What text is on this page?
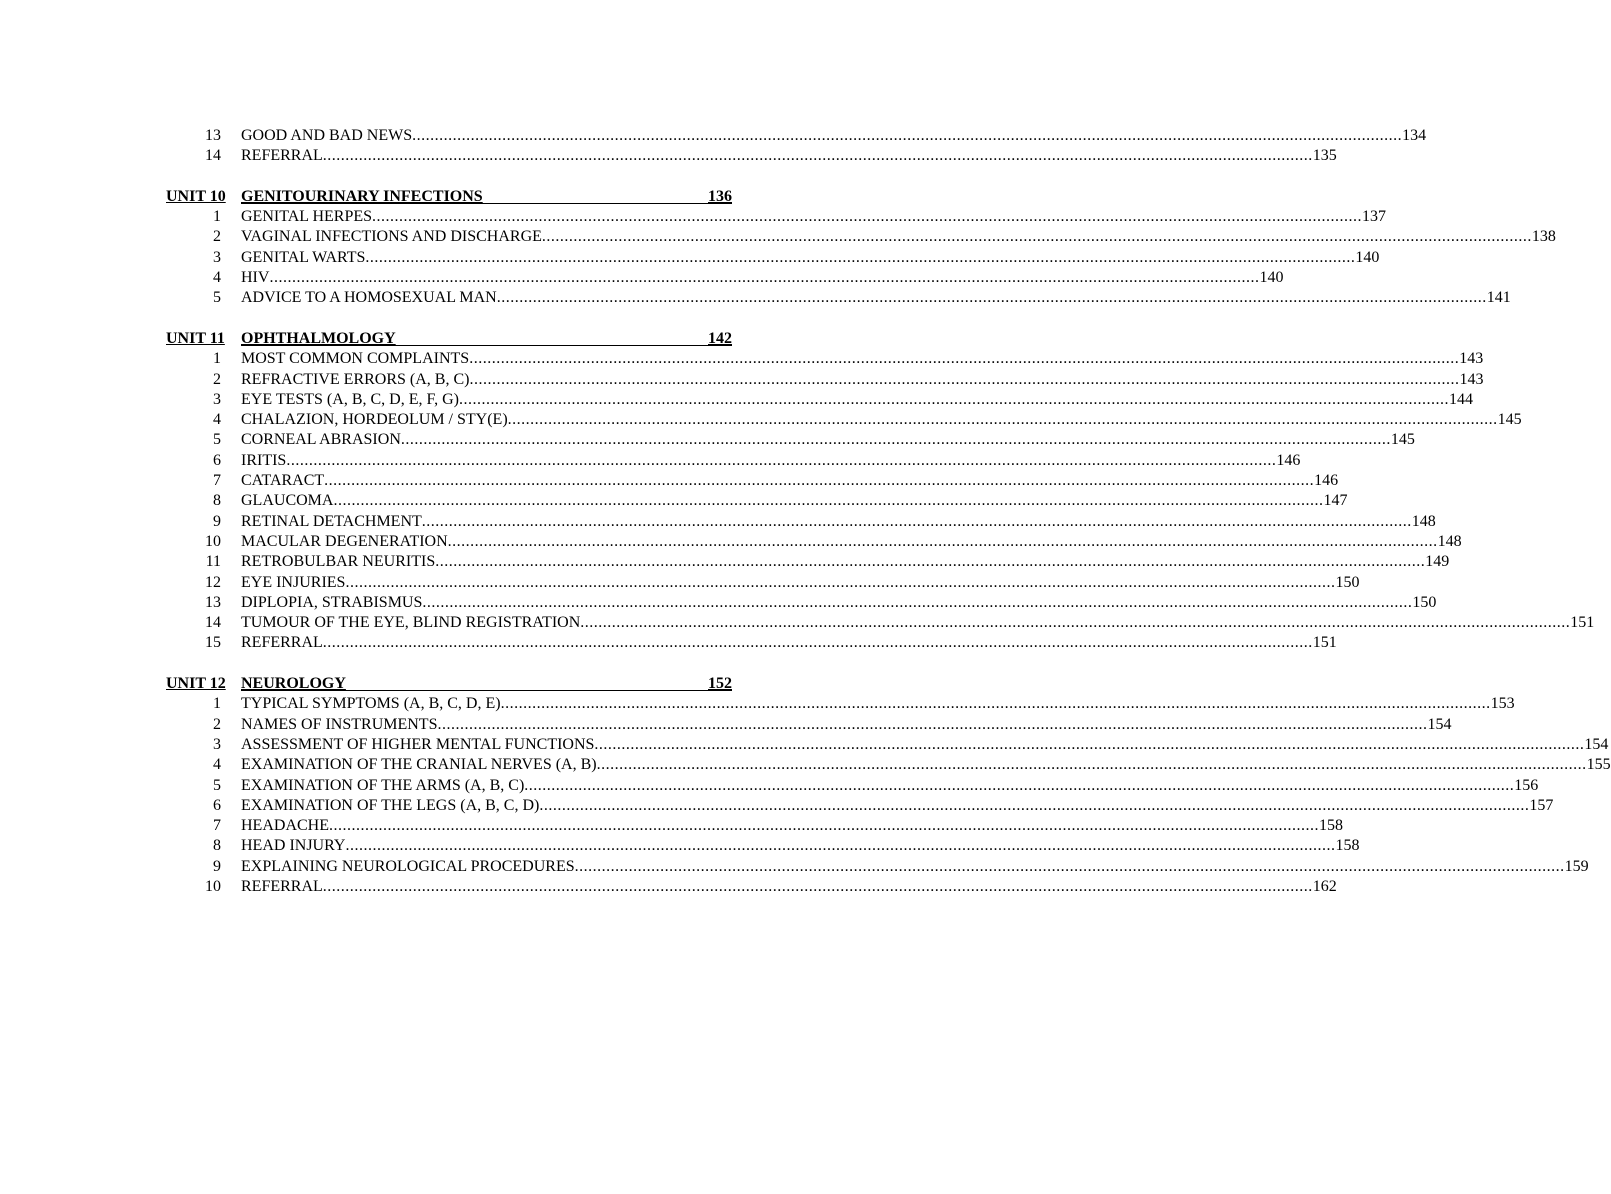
13 GOOD AND BAD NEWS ............................................................................................................................................................................................................................ 134
14 REFERRAL ............................................................................................................................................................................................................................ 135
UNIT 10 GENITOURINARY INFECTIONS	136
1 GENITAL HERPES ............................................................................................................................................................................................................................ 137
2 VAGINAL INFECTIONS AND DISCHARGE ............................................................................................................................................................................................................................ 138
3 GENITAL WARTS ............................................................................................................................................................................................................................ 140
4 HIV ............................................................................................................................................................................................................................ 140
5 ADVICE TO A HOMOSEXUAL MAN ............................................................................................................................................................................................................................ 141
UNIT 11 OPHTHALMOLOGY	142
1 MOST COMMON COMPLAINTS ............................................................................................................................................................................................................................ 143
2 REFRACTIVE ERRORS (A, B, C) ............................................................................................................................................................................................................................ 143
3 EYE TESTS (A, B, C, D, E, F, G) ............................................................................................................................................................................................................................ 144
4 CHALAZION, HORDEOLUM / STY(E) ............................................................................................................................................................................................................................ 145
5 CORNEAL ABRASION ............................................................................................................................................................................................................................ 145
6 IRITIS ............................................................................................................................................................................................................................ 146
7 CATARACT ............................................................................................................................................................................................................................ 146
8 GLAUCOMA ............................................................................................................................................................................................................................ 147
9 RETINAL DETACHMENT ............................................................................................................................................................................................................................ 148
10 MACULAR DEGENERATION ............................................................................................................................................................................................................................ 148
11 RETROBULBAR NEURITIS ............................................................................................................................................................................................................................ 149
12 EYE INJURIES ............................................................................................................................................................................................................................ 150
13 DIPLOPIA, STRABISMUS ............................................................................................................................................................................................................................ 150
14 TUMOUR OF THE EYE, BLIND REGISTRATION ............................................................................................................................................................................................................................ 151
15 REFERRAL ............................................................................................................................................................................................................................ 151
UNIT 12 NEUROLOGY	152
1 TYPICAL SYMPTOMS (A, B, C, D, E) ............................................................................................................................................................................................................................ 153
2 NAMES OF INSTRUMENTS ............................................................................................................................................................................................................................ 154
3 ASSESSMENT OF HIGHER MENTAL FUNCTIONS ............................................................................................................................................................................................................................ 154
4 EXAMINATION OF THE CRANIAL NERVES (A, B) ............................................................................................................................................................................................................................ 155
5 EXAMINATION OF THE ARMS (A, B, C) ............................................................................................................................................................................................................................ 156
6 EXAMINATION OF THE LEGS (A, B, C, D) ............................................................................................................................................................................................................................ 157
7 HEADACHE ............................................................................................................................................................................................................................ 158
8 HEAD INJURY ............................................................................................................................................................................................................................ 158
9 EXPLAINING NEUROLOGICAL PROCEDURES ............................................................................................................................................................................................................................ 159
10 REFERRAL ............................................................................................................................................................................................................................ 162
